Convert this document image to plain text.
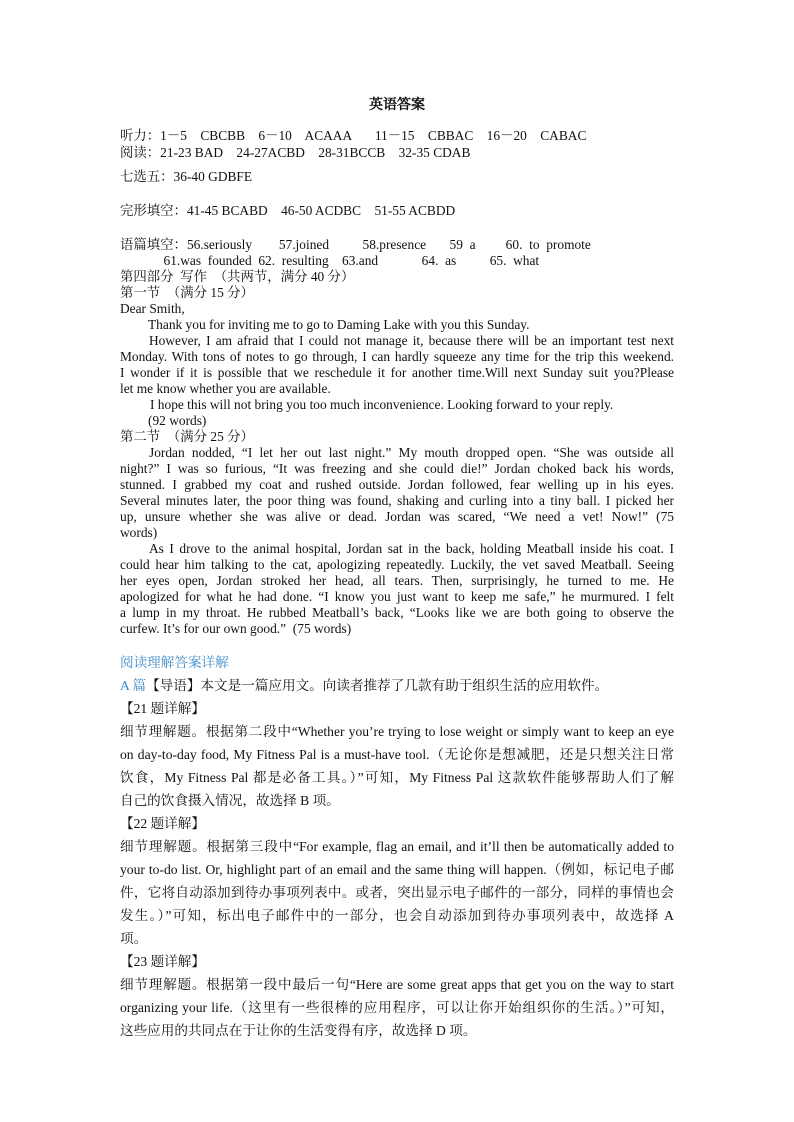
英语答案
听力：1－5    CBCBB    6－10    ACAAA       11－15    CBBAC    16－20    CABAC
阅读：21-23 BAD    24-27ACBD    28-31BCCB    32-35 CDAB
七选五：36-40 GDBFE
完形填空：41-45 BCABD    46-50 ACDBC    51-55 ACBDD
语篇填空：56.seriously        57.joined          58.presence       59  a         60.  to  promote
61.was  founded  62.  resulting    63.and             64.  as          65.  what
第四部分  写作  （共两节，满分 40 分）
第一节  （满分 15 分）
Dear Smith,
Thank you for inviting me to go to Daming Lake with you this Sunday.
However, I am afraid that I could not manage it, because there will be an important test next
Monday. With tons of notes to go through, I can hardly squeeze any time for the trip this weekend.
I wonder if it is possible that we reschedule it for another time.Will next Sunday suit you?Please
let me know whether you are available.
I hope this will not bring you too much inconvenience. Looking forward to your reply.
(92 words)
第二节  （满分 25 分）
Jordan nodded, “I let her out last night.” My mouth dropped open. “She was outside all
night?” I was so furious, “It was freezing and she could die!” Jordan choked back his words,
stunned. I grabbed my coat and rushed outside. Jordan followed, fear welling up in his eyes.
Several minutes later, the poor thing was found, shaking and curling into a tiny ball. I picked her
up, unsure whether she was alive or dead. Jordan was scared, “We need a vet! Now!” (75
words)
As I drove to the animal hospital, Jordan sat in the back, holding Meatball inside his coat. I
could hear him talking to the cat, apologizing repeatedly. Luckily, the vet saved Meatball. Seeing
her eyes open, Jordan stroked her head, all tears. Then, surprisingly, he turned to me. He
apologized for what he had done. “I know you just want to keep me safe,” he murmured. I felt
a lump in my throat. He rubbed Meatball’s back, “Looks like we are both going to observe the
curfew. It’s for our own good.”  (75 words)
阅读理解答案详解
A 篇【导语】本文是一篇应用文。向读者推荐了几款有助于组织生活的应用软件。
【21 题详解】
细节理解题。根据第二段中“Whether you’re trying to lose weight or simply want to keep an eye
on day-to-day food, My Fitness Pal is a must-have tool.（无论你是想减肥，还是只想关注日常
饮食，My Fitness Pal 都是必备工具。）”可知，My Fitness Pal 这款软件能够帮助人们了解
自己的饮食摄入情况，故选择 B 项。
【22 题详解】
细节理解题。根据第三段中“For example, flag an email, and it’ll then be automatically added to
your to-do list. Or, highlight part of an email and the same thing will happen.（例如，标记电子邮
件，它将自动添加到待办事项列表中。或者，突出显示电子邮件的一部分，同样的事情也会
发生。）”可知，标出电子邮件中的一部分，也会自动添加到待办事项列表中，故选择 A
项。
【23 题详解】
细节理解题。根据第一段中最后一句“Here are some great apps that get you on the way to start
organizing your life.（这里有一些很棒的应用程序，可以让你开始组织你的生活。）”可知，
这些应用的共同点在于让你的生活变得有序，故选择 D 项。
